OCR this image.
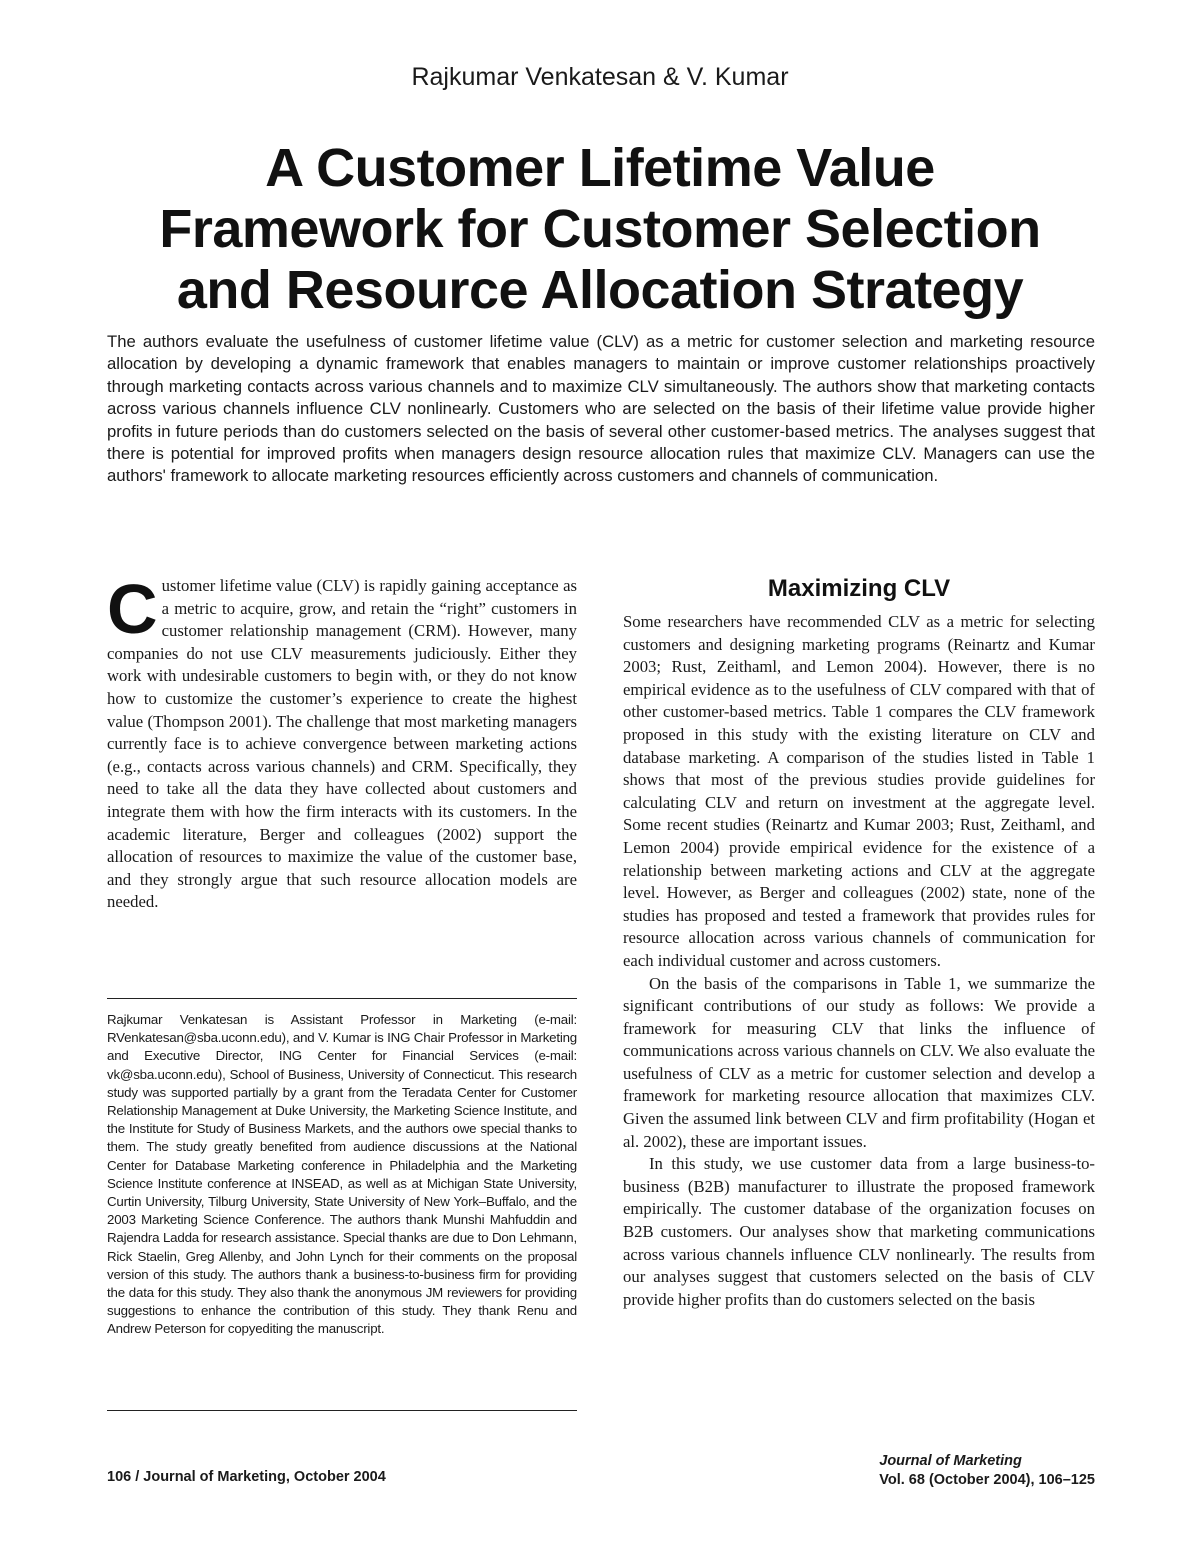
Rajkumar Venkatesan & V. Kumar
A Customer Lifetime Value
Framework for Customer Selection
and Resource Allocation Strategy

The authors evaluate the usefulness of customer lifetime value (CLV) as a metric for customer selection and marketing resource allocation by developing a dynamic framework that enables managers to maintain or improve customer relationships proactively through marketing contacts across various channels and to maximize CLV simultaneously. The authors show that marketing contacts across various channels influence CLV nonlinearly. Customers who are selected on the basis of their lifetime value provide higher profits in future periods than do customers selected on the basis of several other customer-based metrics. The analyses suggest that there is potential for improved profits when managers design resource allocation rules that maximize CLV. Managers can use the authors' framework to allocate marketing resources efficiently across customers and channels of communication.

Customer lifetime value (CLV) is rapidly gaining acceptance as a metric to acquire, grow, and retain the “right” customers in customer relationship management (CRM). However, many companies do not use CLV measurements judiciously. Either they work with undesirable customers to begin with, or they do not know how to customize the customer’s experience to create the highest value (Thompson 2001). The challenge that most marketing managers currently face is to achieve convergence between marketing actions (e.g., contacts across various channels) and CRM. Specifically, they need to take all the data they have collected about customers and integrate them with how the firm interacts with its customers. In the academic literature, Berger and colleagues (2002) support the allocation of resources to maximize the value of the customer base, and they strongly argue that such resource allocation models are needed.

Rajkumar Venkatesan is Assistant Professor in Marketing (e-mail: RVenkatesan@sba.uconn.edu), and V. Kumar is ING Chair Professor in Marketing and Executive Director, ING Center for Financial Services (e-mail: vk@sba.uconn.edu), School of Business, University of Connecticut. This research study was supported partially by a grant from the Teradata Center for Customer Relationship Management at Duke University, the Marketing Science Institute, and the Institute for Study of Business Markets, and the authors owe special thanks to them. The study greatly benefited from audience discussions at the National Center for Database Marketing conference in Philadelphia and the Marketing Science Institute conference at INSEAD, as well as at Michigan State University, Curtin University, Tilburg University, State University of New York–Buffalo, and the 2003 Marketing Science Conference. The authors thank Munshi Mahfuddin and Rajendra Ladda for research assistance. Special thanks are due to Don Lehmann, Rick Staelin, Greg Allenby, and John Lynch for their comments on the proposal version of this study. The authors thank a business-to-business firm for providing the data for this study. They also thank the anonymous JM reviewers for providing suggestions to enhance the contribution of this study. They thank Renu and Andrew Peterson for copyediting the manuscript.

Maximizing CLV

Some researchers have recommended CLV as a metric for selecting customers and designing marketing programs (Reinartz and Kumar 2003; Rust, Zeithaml, and Lemon 2004). However, there is no empirical evidence as to the usefulness of CLV compared with that of other customer-based metrics. Table 1 compares the CLV framework proposed in this study with the existing literature on CLV and database marketing. A comparison of the studies listed in Table 1 shows that most of the previous studies provide guidelines for calculating CLV and return on investment at the aggregate level. Some recent studies (Reinartz and Kumar 2003; Rust, Zeithaml, and Lemon 2004) provide empirical evidence for the existence of a relationship between marketing actions and CLV at the aggregate level. However, as Berger and colleagues (2002) state, none of the studies has proposed and tested a framework that provides rules for resource allocation across various channels of communication for each individual customer and across customers.

On the basis of the comparisons in Table 1, we summarize the significant contributions of our study as follows: We provide a framework for measuring CLV that links the influence of communications across various channels on CLV. We also evaluate the usefulness of CLV as a metric for customer selection and develop a framework for marketing resource allocation that maximizes CLV. Given the assumed link between CLV and firm profitability (Hogan et al. 2002), these are important issues.

In this study, we use customer data from a large business-to-business (B2B) manufacturer to illustrate the proposed framework empirically. The customer database of the organization focuses on B2B customers. Our analyses show that marketing communications across various channels influence CLV nonlinearly. The results from our analyses suggest that customers selected on the basis of CLV provide higher profits than do customers selected on the basis

106 / Journal of Marketing, October 2004
Journal of Marketing
Vol. 68 (October 2004), 106–125
